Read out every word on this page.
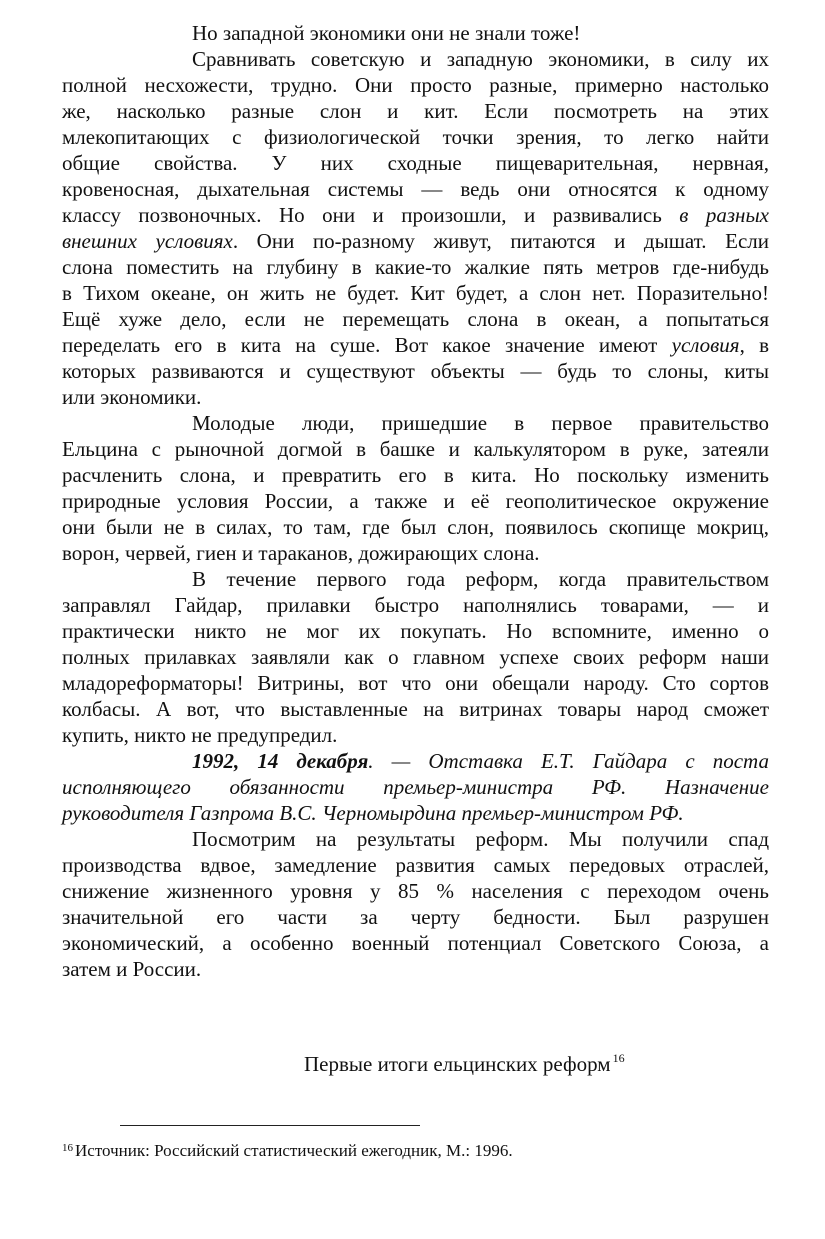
Но западной экономики они не знали тоже!
Сравнивать советскую и западную экономики, в силу их
полной несхожести, трудно. Они просто разные, примерно настолько
же, насколько разные слон и кит. Если посмотреть на этих
млекопитающих с физиологической точки зрения, то легко найти
общие свойства. У них сходные пищеварительная, нервная,
кровеносная, дыхательная системы — ведь они относятся к одному
классу позвоночных. Но они и произошли, и развивались в разных
внешних условиях. Они по-разному живут, питаются и дышат. Если
слона поместить на глубину в какие-то жалкие пять метров где-нибудь
в Тихом океане, он жить не будет. Кит будет, а слон нет. Поразительно!
Ещё хуже дело, если не перемещать слона в океан, а попытаться
переделать его в кита на суше. Вот какое значение имеют условия, в
которых развиваются и существуют объекты — будь то слоны, киты
или экономики.
Молодые люди, пришедшие в первое правительство
Ельцина с рыночной догмой в башке и калькулятором в руке, затеяли
расчленить слона, и превратить его в кита. Но поскольку изменить
природные условия России, а также и её геополитическое окружение
они были не в силах, то там, где был слон, появилось скопище мокриц,
ворон, червей, гиен и тараканов, дожирающих слона.
В течение первого года реформ, когда правительством
заправлял Гайдар, прилавки быстро наполнялись товарами, — и
практически никто не мог их покупать. Но вспомните, именно о
полных прилавках заявляли как о главном успехе своих реформ наши
младореформаторы! Витрины, вот что они обещали народу. Сто сортов
колбасы. А вот, что выставленные на витринах товары народ сможет
купить, никто не предупредил.
1992, 14 декабря. — Отставка Е.Т. Гайдара с поста
исполняющего обязанности премьер-министра РФ. Назначение
руководителя Газпрома В.С. Черномырдина премьер-министром РФ.
Посмотрим на результаты реформ. Мы получили спад
производства вдвое, замедление развития самых передовых отраслей,
снижение жизненного уровня у 85 % населения с переходом очень
значительной его части за черту бедности. Был разрушен
экономический, а особенно военный потенциал Советского Союза, а
затем и России.
Первые итоги ельцинских реформ $^{16}$
$^{16}$ Источник: Российский статистический ежегодник, М.: 1996.
